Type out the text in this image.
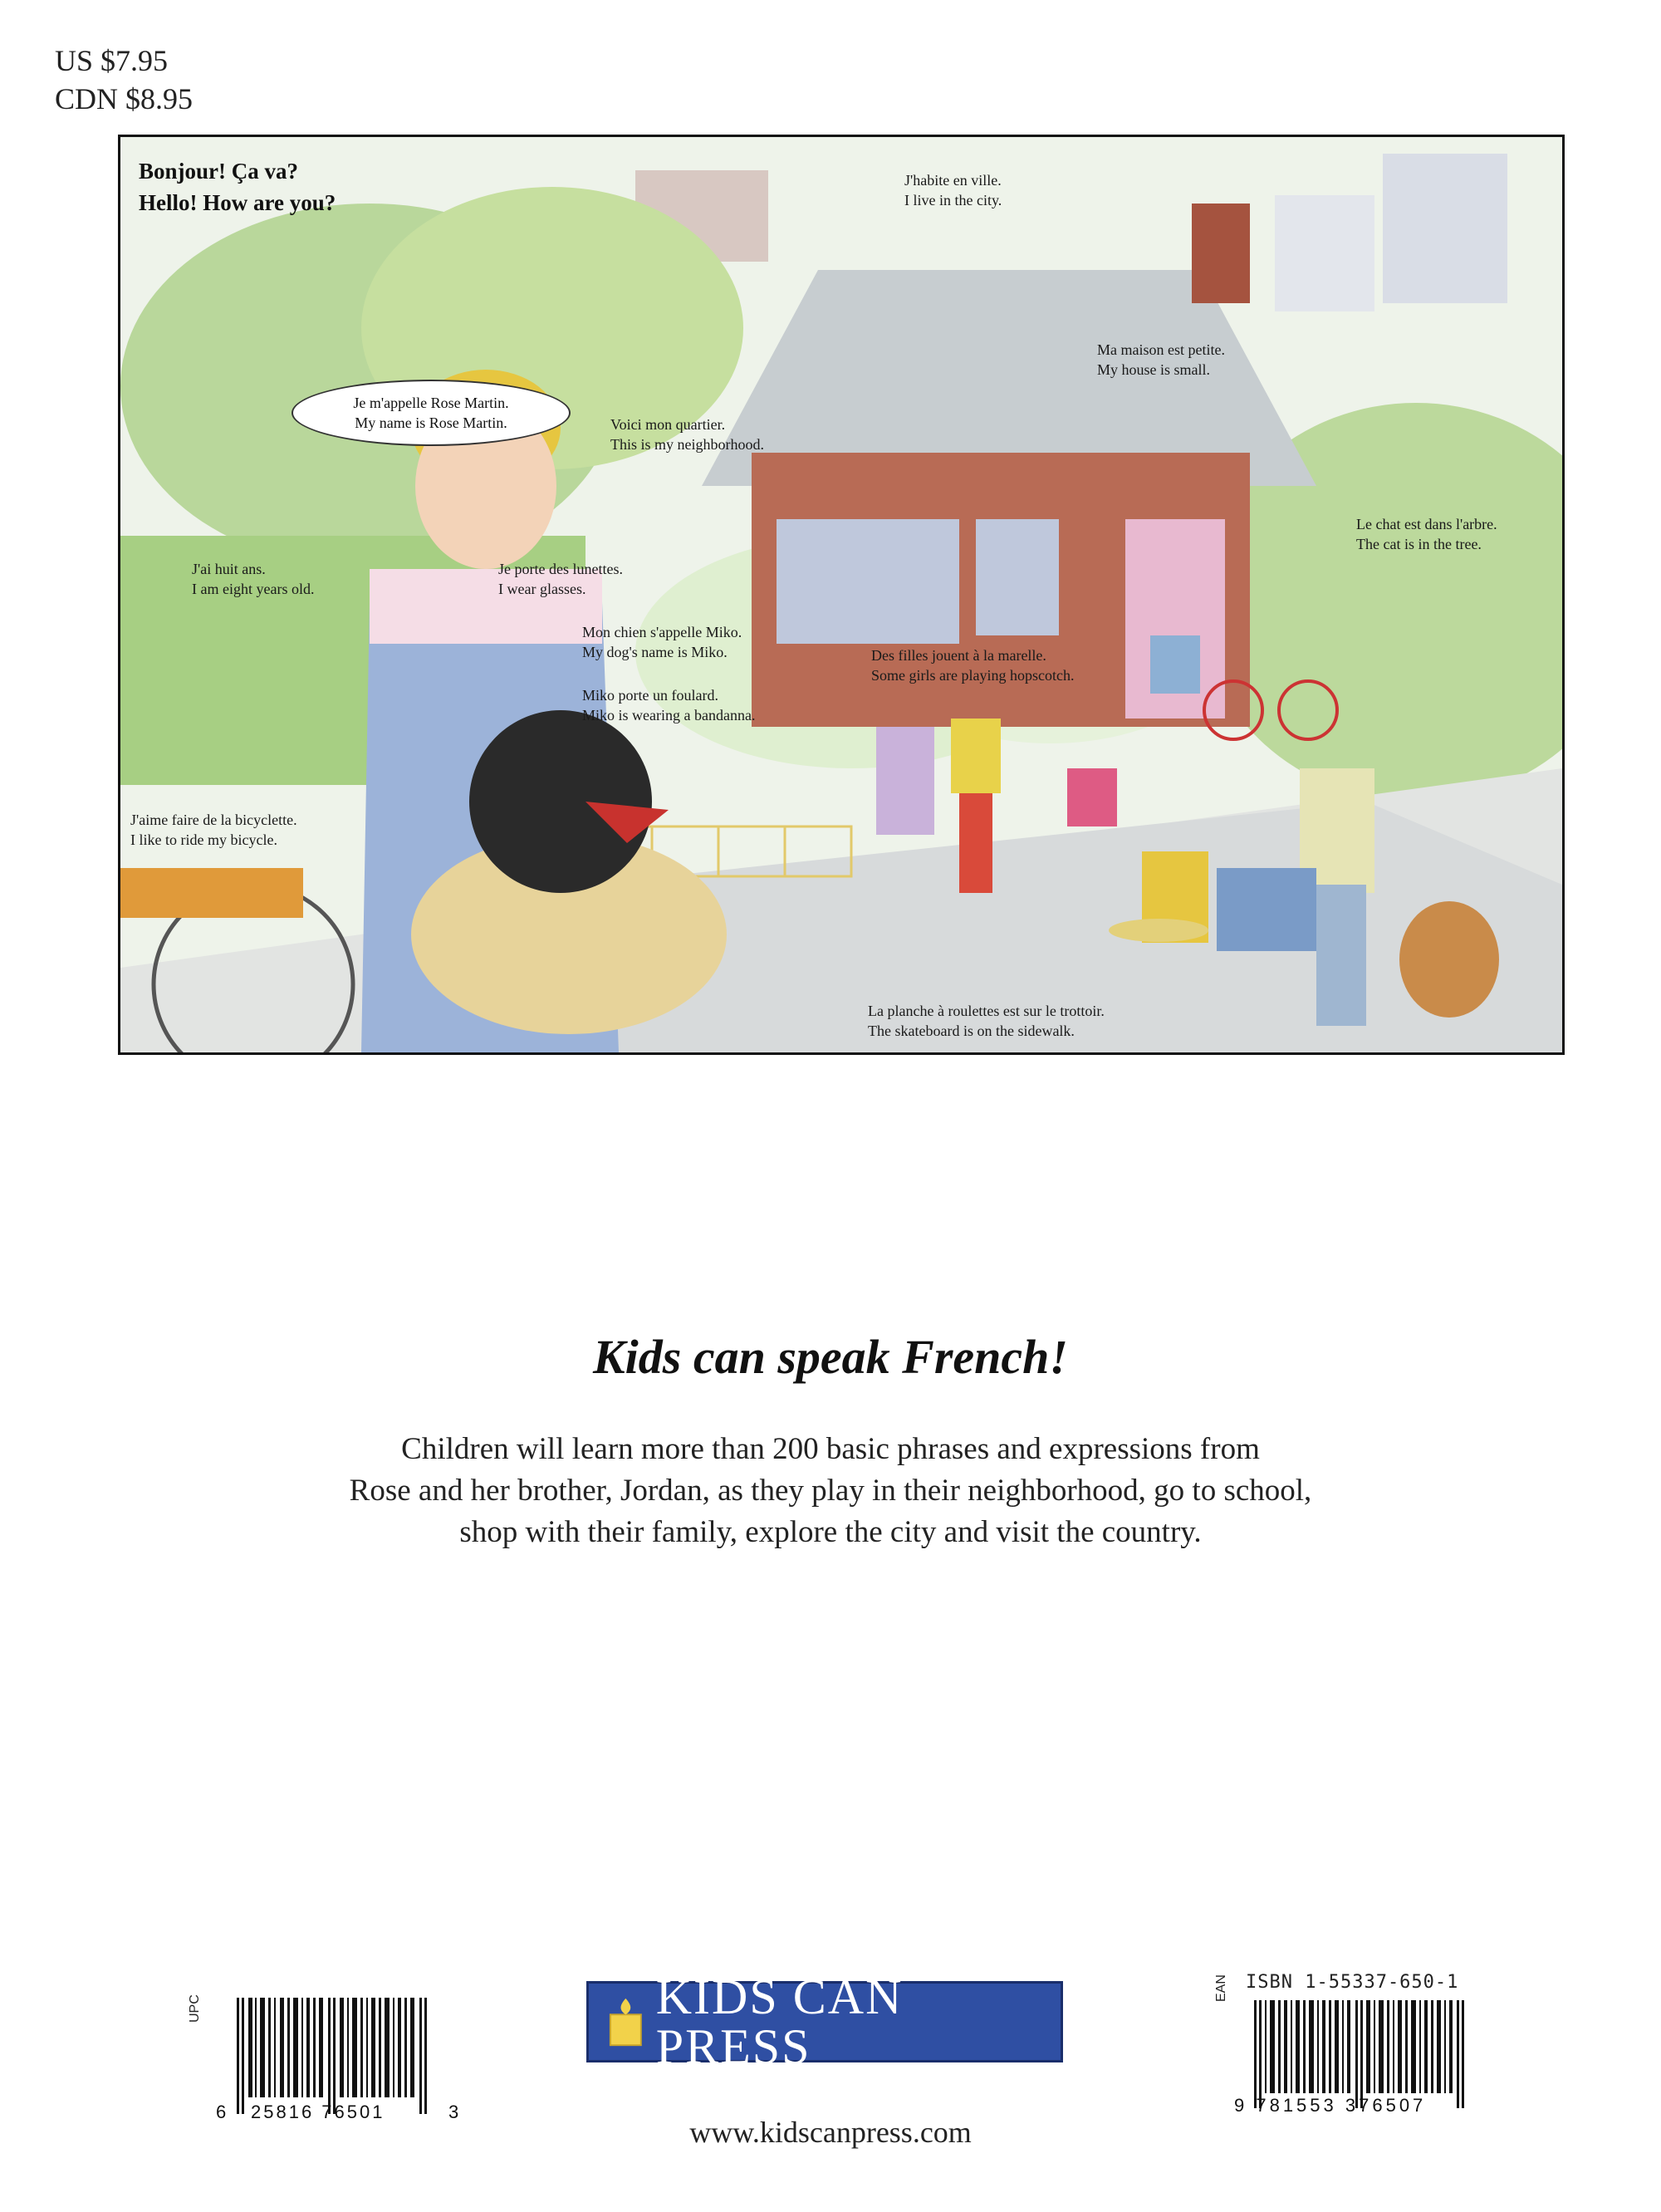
US $7.95
CDN $8.95
Bonjour! Ça va?
Hello! How are you?
Je m'appelle Rose Martin.
My name is Rose Martin.
J'habite en ville.
I live in the city.
Ma maison est petite.
My house is small.
Voici mon quartier.
This is my neighborhood.
Le chat est dans l'arbre.
The cat is in the tree.
J'ai huit ans.
I am eight years old.
Je porte des lunettes.
I wear glasses.
Mon chien s'appelle Miko.
My dog's name is Miko.
Miko porte un foulard.
Miko is wearing a bandanna.
Des filles jouent à la marelle.
Some girls are playing hopscotch.
J'aime faire de la bicyclette.
I like to ride my bicycle.
La planche à roulettes est sur le trottoir.
The skateboard is on the sidewalk.
Kids can speak French!
Children will learn more than 200 basic phrases and expressions from
Rose and her brother, Jordan, as they play in their neighborhood, go to school,
shop with their family, explore the city and visit the country.
UPC
6 25816 76501	3
KIDS CAN PRESS
EAN ISBN 1-55337-650-1
9 781553 376507
www.kidscanpress.com
